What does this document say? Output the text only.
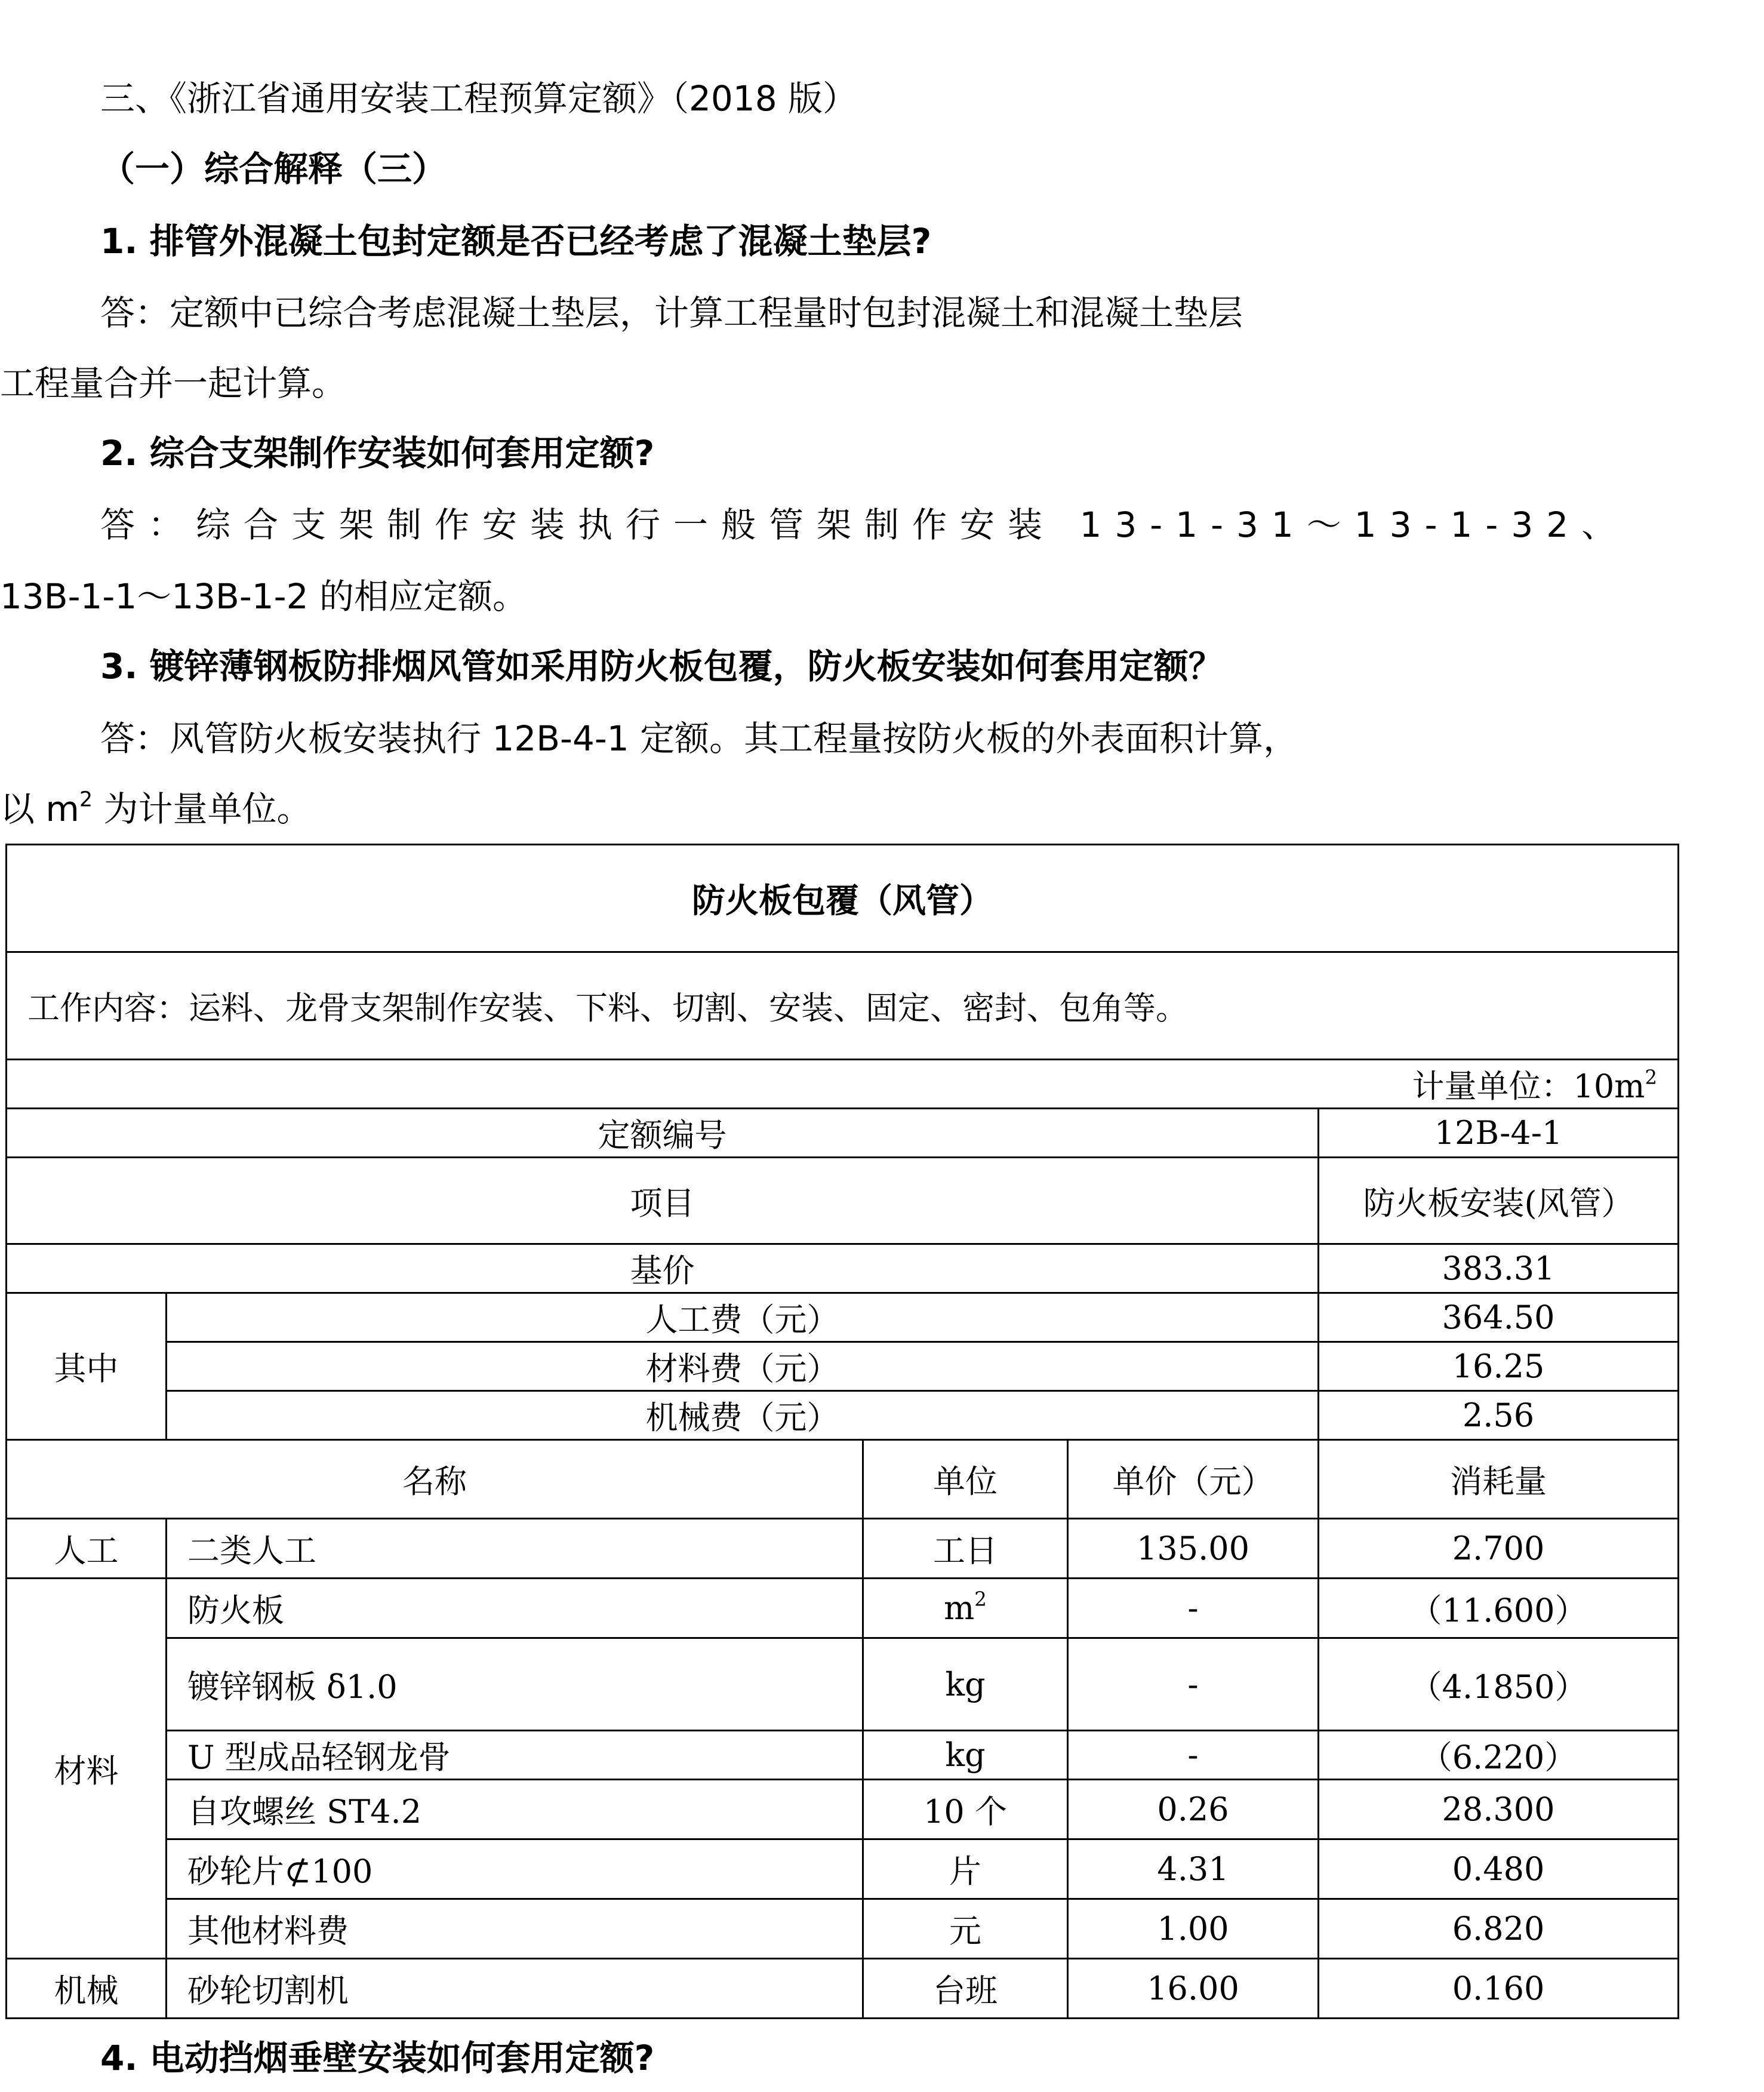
三、《浙江省通用安装工程预算定额》（2018 版）
（一）综合解释（三）
1. 排管外混凝土包封定额是否已经考虑了混凝土垫层?
答：定额中已综合考虑混凝土垫层，计算工程量时包封混凝土和混凝土垫层
工程量合并一起计算。
2. 综合支架制作安装如何套用定额?
答：综合支架制作安装执行一般管架制作安装 13-1-31～13-1-32、
13B-1-1～13B-1-2 的相应定额。
3. 镀锌薄钢板防排烟风管如采用防火板包覆，防火板安装如何套用定额？
答：风管防火板安装执行 12B-4-1 定额。其工程量按防火板的外表面积计算，
以 $m^2$ 为计量单位。
防火板包覆（风管）				
工作内容：运料、龙骨支架制作安装、下料、切割、安装、固定、密封、包角等。				
计量单位：$10m^2$
定额编号				12B-4-1
项目				防火板安装(风管）
基价				383.31
其中	人工费（元）			364.50
	材料费（元）			16.25
	机械费（元）			2.56
名称		单位	单价（元）	消耗量
人工	二类人工	工日	135.00	2.700
材料	防火板	$m^2$	-	（11.600）
	镀锌钢板 δ1.0	kg	-	（4.1850）
	U 型成品轻钢龙骨	kg	-	（6.220）
	自攻螺丝 ST4.2	10 个	0.26	28.300
	砂轮片⊄100	片	4.31	0.480
	其他材料费	元	1.00	6.820
机械	砂轮切割机	台班	16.00	0.160
4. 电动挡烟垂壁安装如何套用定额?
